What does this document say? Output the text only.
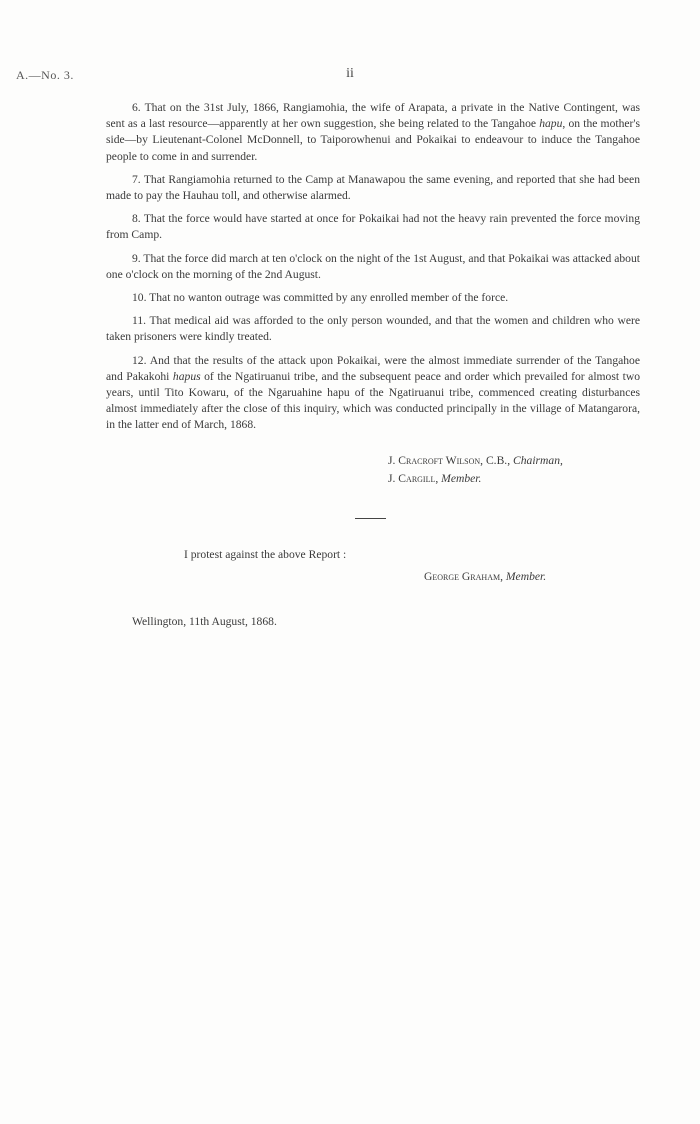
A.—No. 3.	ii

6. That on the 31st July, 1866, Rangiamohia, the wife of Arapata, a private in the Native Contingent, was sent as a last resource—apparently at her own suggestion, she being related to the Tangahoe hapu, on the mother's side—by Lieutenant-Colonel McDonnell, to Taiporowhenui and Pokaikai to endeavour to induce the Tangahoe people to come in and surrender.

7. That Rangiamohia returned to the Camp at Manawapou the same evening, and reported that she had been made to pay the Hauhau toll, and otherwise alarmed.

8. That the force would have started at once for Pokaikai had not the heavy rain prevented the force moving from Camp.

9. That the force did march at ten o'clock on the night of the 1st August, and that Pokaikai was attacked about one o'clock on the morning of the 2nd August.

10. That no wanton outrage was committed by any enrolled member of the force.

11. That medical aid was afforded to the only person wounded, and that the women and children who were taken prisoners were kindly treated.

12. And that the results of the attack upon Pokaikai, were the almost immediate surrender of the Tangahoe and Pakakohi hapus of the Ngatiruanui tribe, and the subsequent peace and order which prevailed for almost two years, until Tito Kowaru, of the Ngaruahine hapu of the Ngatiruanui tribe, commenced creating disturbances almost immediately after the close of this inquiry, which was conducted principally in the village of Matangarora, in the latter end of March, 1868.

J. Cracroft Wilson, C.B., Chairman,
J. Cargill, Member.
I protest against the above Report :
George Graham, Member.
Wellington, 11th August, 1868.
